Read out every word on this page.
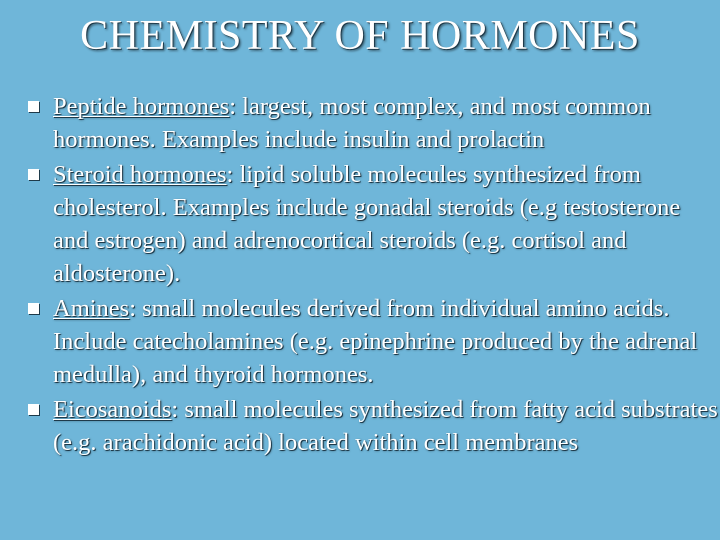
CHEMISTRY OF HORMONES
Peptide hormones: largest, most complex, and most common hormones. Examples include insulin and prolactin
Steroid hormones: lipid soluble molecules synthesized from cholesterol. Examples include gonadal steroids (e.g testosterone and estrogen) and adrenocortical steroids (e.g. cortisol and aldosterone).
Amines: small molecules derived from individual amino acids. Include catecholamines (e.g. epinephrine produced by the adrenal medulla), and thyroid hormones.
Eicosanoids: small molecules synthesized from fatty acid substrates (e.g. arachidonic acid) located within cell membranes
